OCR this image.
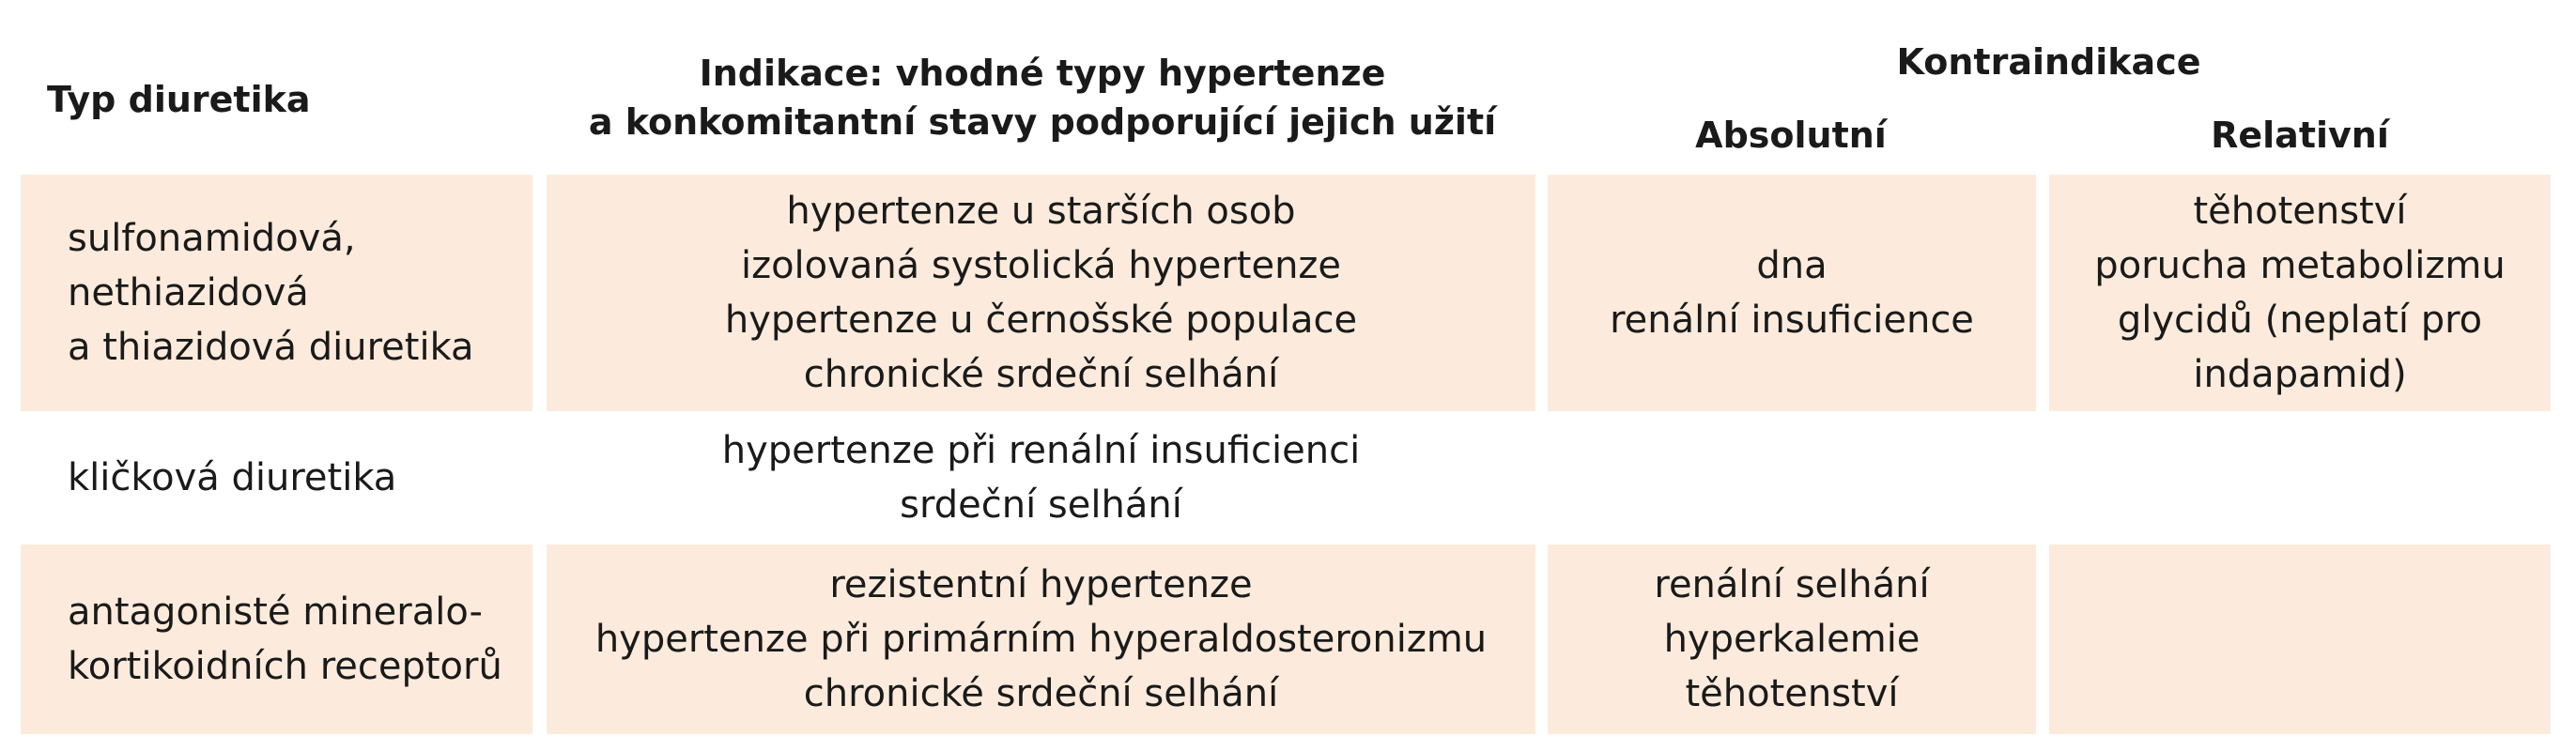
Typ diuretika
Indikace: vhodné typy hypertenze
a konkomitantní stavy podporující jejich užití
Kontraindikace
Absolutní	Relativní
sulfonamidová,
nethiazidová
a thiazidová diuretika
hypertenze u starších osob
izolovaná systolická hypertenze
hypertenze u černošské populace
chronické srdeční selhání
dna
renální insuficience
těhotenství
porucha metabolizmu
glycidů (neplatí pro
indapamid)
kličková diuretika
hypertenze při renální insuficienci
srdeční selhání
antagonisté mineralo-
kortikoidních receptorů
rezistentní hypertenze
hypertenze při primárním hyperaldosteronizmu
chronické srdeční selhání
renální selhání
hyperkalemie
těhotenství
